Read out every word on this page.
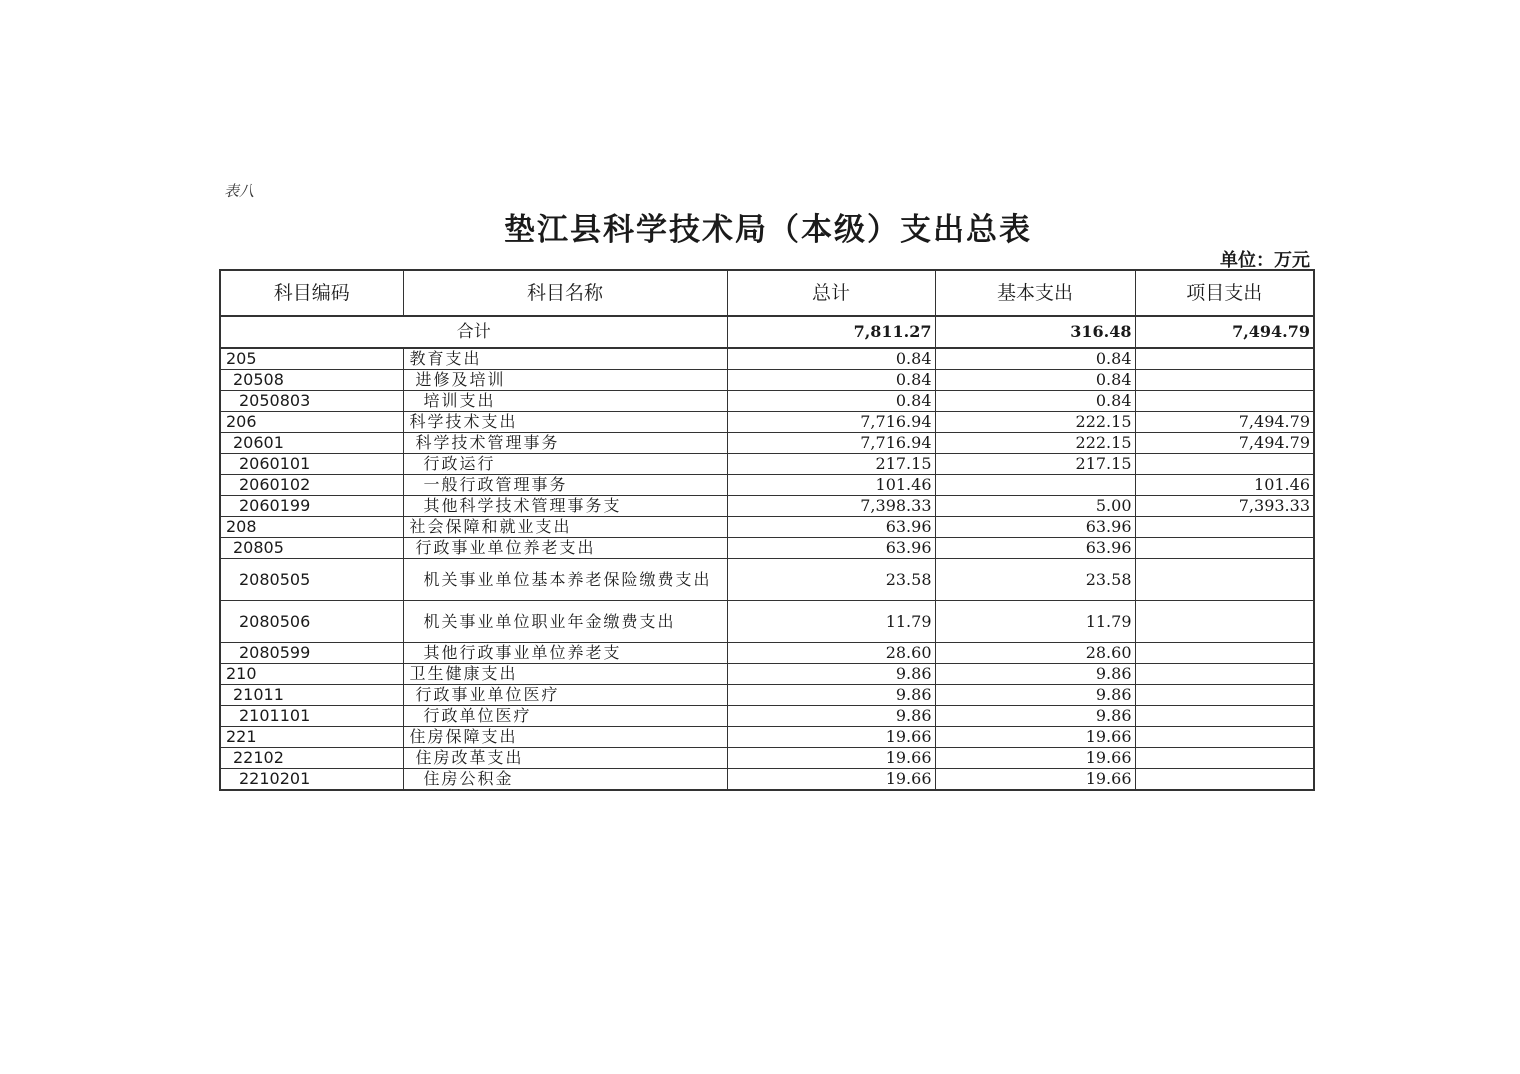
表八
垫江县科学技术局（本级）支出总表
单位：万元
科目编码	科目名称	总计	基本支出	项目支出
合计		7,811.27	316.48	7,494.79
205	教育支出	0.84	0.84	
20508	进修及培训	0.84	0.84	
2050803	培训支出	0.84	0.84	
206	科学技术支出	7,716.94	222.15	7,494.79
20601	科学技术管理事务	7,716.94	222.15	7,494.79
2060101	行政运行	217.15	217.15	
2060102	一般行政管理事务	101.46		101.46
2060199	其他科学技术管理事务支	7,398.33	5.00	7,393.33
208	社会保障和就业支出	63.96	63.96	
20805	行政事业单位养老支出	63.96	63.96	
2080505	机关事业单位基本养老保险缴费支出	23.58	23.58	
2080506	机关事业单位职业年金缴费支出	11.79	11.79	
2080599	其他行政事业单位养老支	28.60	28.60	
210	卫生健康支出	9.86	9.86	
21011	行政事业单位医疗	9.86	9.86	
2101101	行政单位医疗	9.86	9.86	
221	住房保障支出	19.66	19.66	
22102	住房改革支出	19.66	19.66	
2210201	住房公积金	19.66	19.66	
